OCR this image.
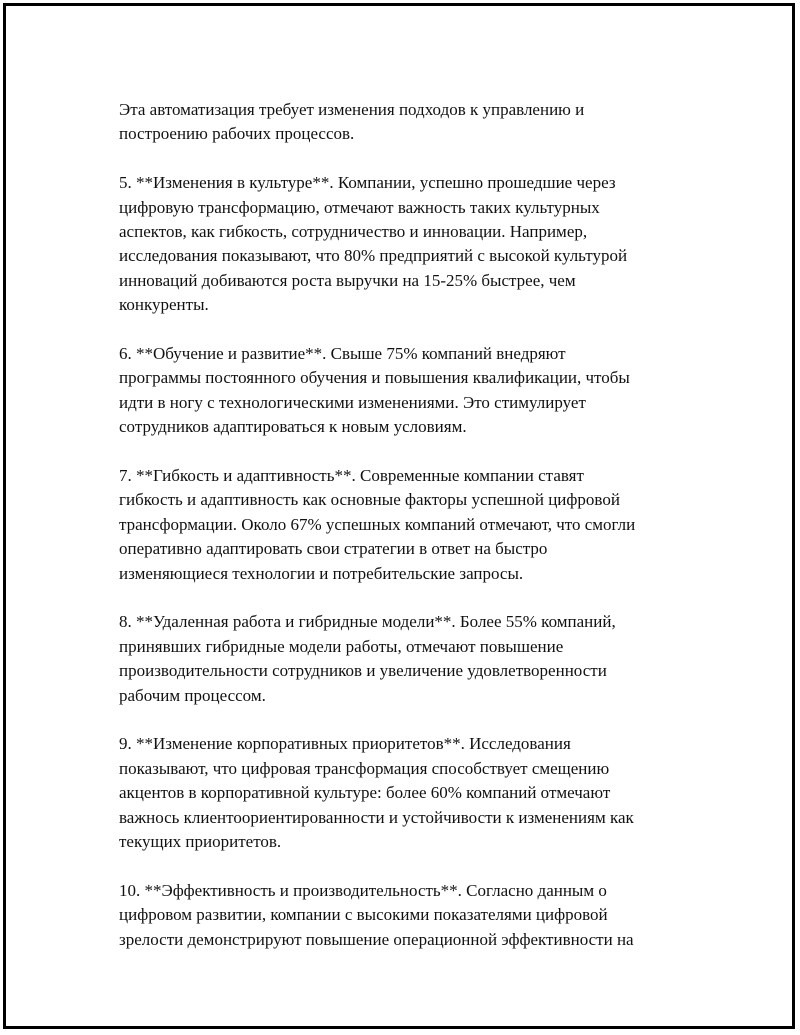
Эта автоматизация требует изменения подходов к управлению и
построению рабочих процессов.

5. **Изменения в культуре**. Компании, успешно прошедшие через
цифровую трансформацию, отмечают важность таких культурных
аспектов, как гибкость, сотрудничество и инновации. Например,
исследования показывают, что 80% предприятий с высокой культурой
инноваций добиваются роста выручки на 15-25% быстрее, чем
конкуренты.

6. **Обучение и развитие**. Свыше 75% компаний внедряют
программы постоянного обучения и повышения квалификации, чтобы
идти в ногу с технологическими изменениями. Это стимулирует
сотрудников адаптироваться к новым условиям.

7. **Гибкость и адаптивность**. Современные компании ставят
гибкость и адаптивность как основные факторы успешной цифровой
трансформации. Около 67% успешных компаний отмечают, что смогли
оперативно адаптировать свои стратегии в ответ на быстро
изменяющиеся технологии и потребительские запросы.

8. **Удаленная работа и гибридные модели**. Более 55% компаний,
принявших гибридные модели работы, отмечают повышение
производительности сотрудников и увеличение удовлетворенности
рабочим процессом.

9. **Изменение корпоративных приоритетов**. Исследования
показывают, что цифровая трансформация способствует смещению
акцентов в корпоративной культуре: более 60% компаний отмечают
важнось клиентоориентированности и устойчивости к изменениям как
текущих приоритетов.

10. **Эффективность и производительность**. Согласно данным о
цифровом развитии, компании с высокими показателями цифровой
зрелости демонстрируют повышение операционной эффективности на
